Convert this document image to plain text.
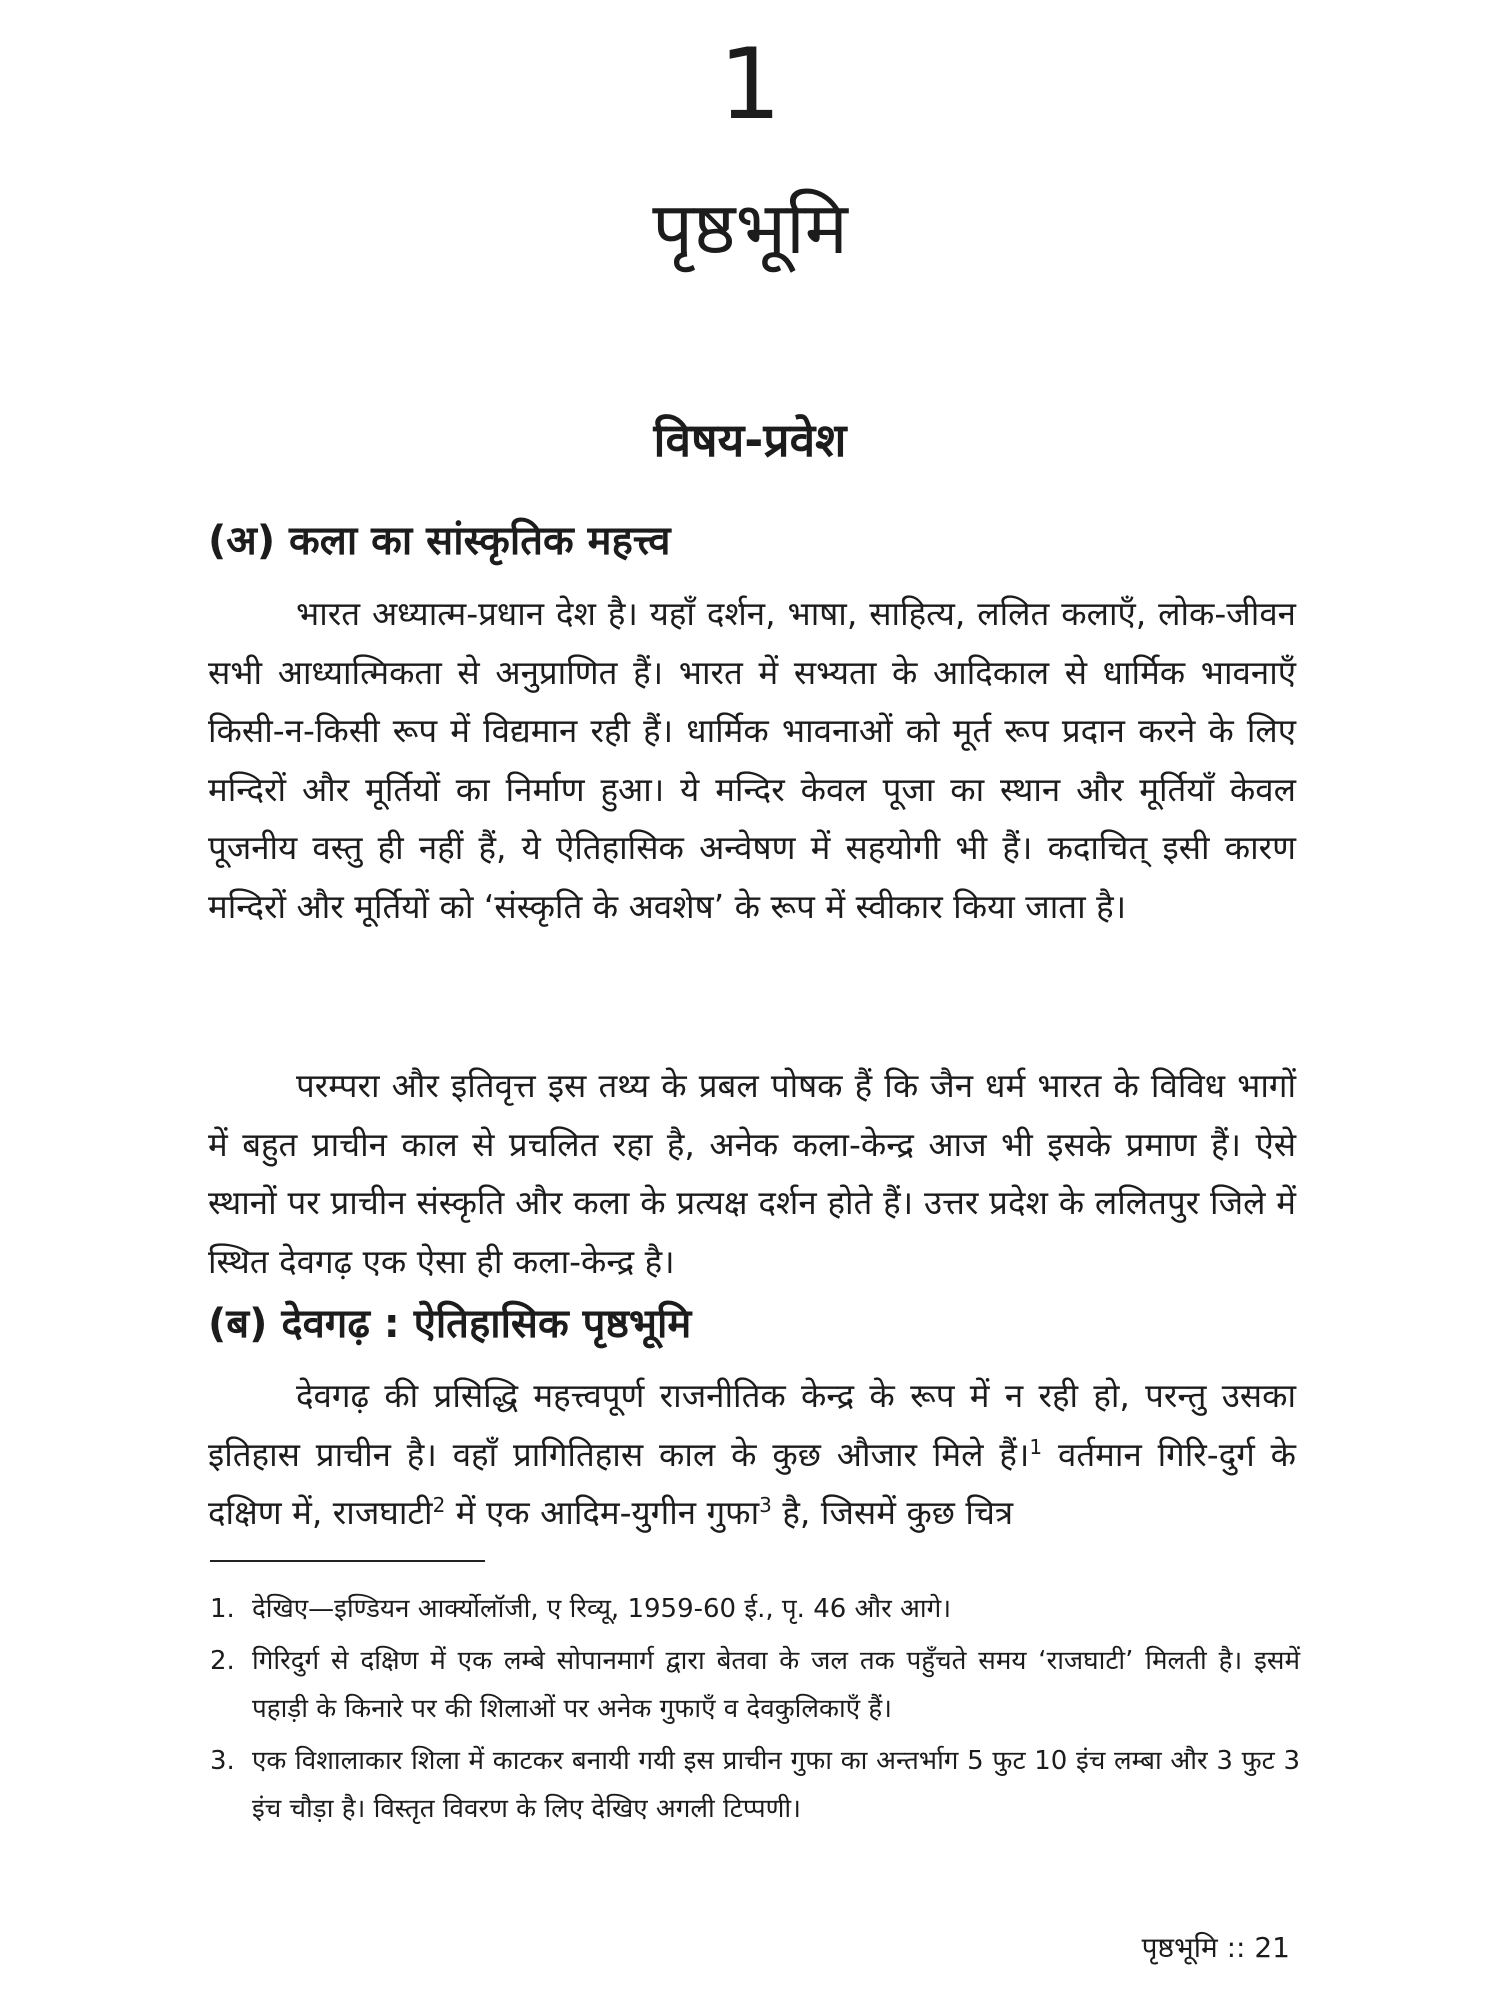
1
पृष्ठभूमि
विषय-प्रवेश
(अ) कला का सांस्कृतिक महत्त्व

भारत अध्यात्म-प्रधान देश है। यहाँ दर्शन, भाषा, साहित्य, ललित कलाएँ, लोक-जीवन सभी आध्यात्मिकता से अनुप्राणित हैं। भारत में सभ्यता के आदिकाल से धार्मिक भावनाएँ किसी-न-किसी रूप में विद्यमान रही हैं। धार्मिक भावनाओं को मूर्त रूप प्रदान करने के लिए मन्दिरों और मूर्तियों का निर्माण हुआ। ये मन्दिर केवल पूजा का स्थान और मूर्तियाँ केवल पूजनीय वस्तु ही नहीं हैं, ये ऐतिहासिक अन्वेषण में सहयोगी भी हैं। कदाचित् इसी कारण मन्दिरों और मूर्तियों को ‘संस्कृति के अवशेष’ के रूप में स्वीकार किया जाता है।

परम्परा और इतिवृत्त इस तथ्य के प्रबल पोषक हैं कि जैन धर्म भारत के विविध भागों में बहुत प्राचीन काल से प्रचलित रहा है, अनेक कला-केन्द्र आज भी इसके प्रमाण हैं। ऐसे स्थानों पर प्राचीन संस्कृति और कला के प्रत्यक्ष दर्शन होते हैं। उत्तर प्रदेश के ललितपुर जिले में स्थित देवगढ़ एक ऐसा ही कला-केन्द्र है।

(ब) देवगढ़ : ऐतिहासिक पृष्ठभूमि

देवगढ़ की प्रसिद्धि महत्त्वपूर्ण राजनीतिक केन्द्र के रूप में न रही हो, परन्तु उसका इतिहास प्राचीन है। वहाँ प्रागितिहास काल के कुछ औजार मिले हैं।$^1$ वर्तमान गिरि-दुर्ग के दक्षिण में, राजघाटी$^2$ में एक आदिम-युगीन गुफा$^3$ है, जिसमें कुछ चित्र

1. देखिए—इण्डियन आर्क्योलॉजी, ए रिव्यू, 1959-60 ई., पृ. 46 और आगे।
2. गिरिदुर्ग से दक्षिण में एक लम्बे सोपानमार्ग द्वारा बेतवा के जल तक पहुँचते समय ‘राजघाटी’ मिलती है। इसमें पहाड़ी के किनारे पर की शिलाओं पर अनेक गुफाएँ व देवकुलिकाएँ हैं।
3. एक विशालाकार शिला में काटकर बनायी गयी इस प्राचीन गुफा का अन्तर्भाग 5 फुट 10 इंच लम्बा और 3 फुट 3 इंच चौड़ा है। विस्तृत विवरण के लिए देखिए अगली टिप्पणी।
पृष्ठभूमि :: 21
